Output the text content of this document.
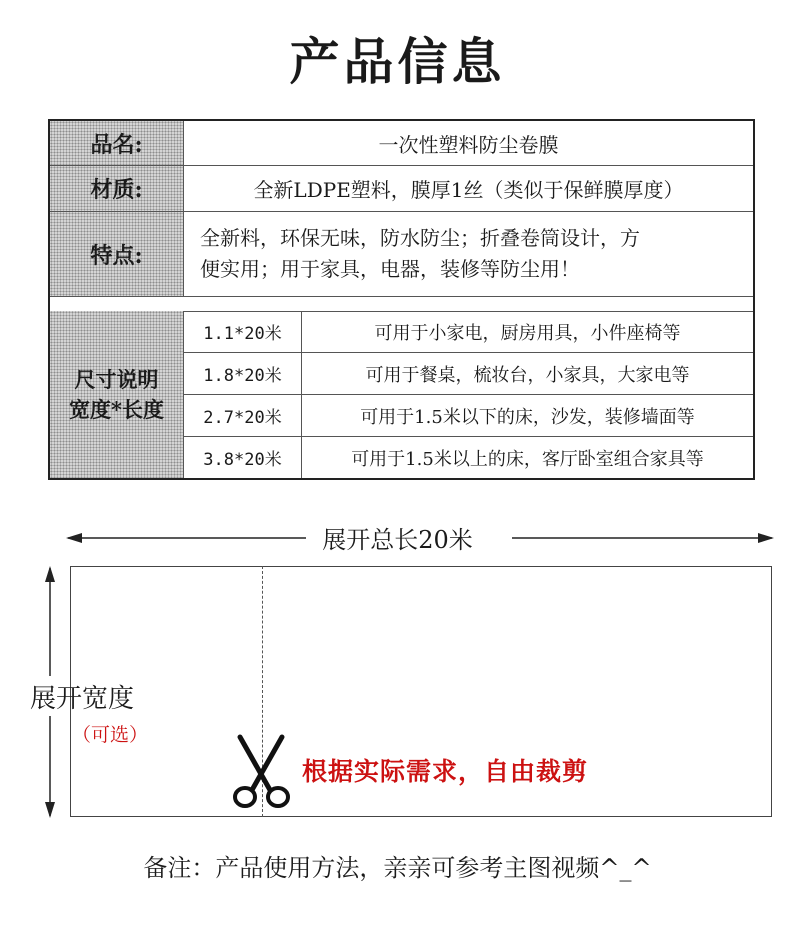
产品信息
品名:	一次性塑料防尘卷膜
材质:	全新LDPE塑料，膜厚1丝（类似于保鲜膜厚度）
特点:
全新料，环保无味，防水防尘；折叠卷筒设计，方
便实用；用于家具，电器，装修等防尘用！
尺寸说明
宽度*长度
1.1*20米	可用于小家电，厨房用具，小件座椅等
1.8*20米	可用于餐桌，梳妆台，小家具，大家电等
2.7*20米	可用于1.5米以下的床，沙发，装修墙面等
3.8*20米	可用于1.5米以上的床，客厅卧室组合家具等
展开总长20米
展开宽度
（可选）
根据实际需求，自由裁剪
备注：产品使用方法，亲亲可参考主图视频^_^
